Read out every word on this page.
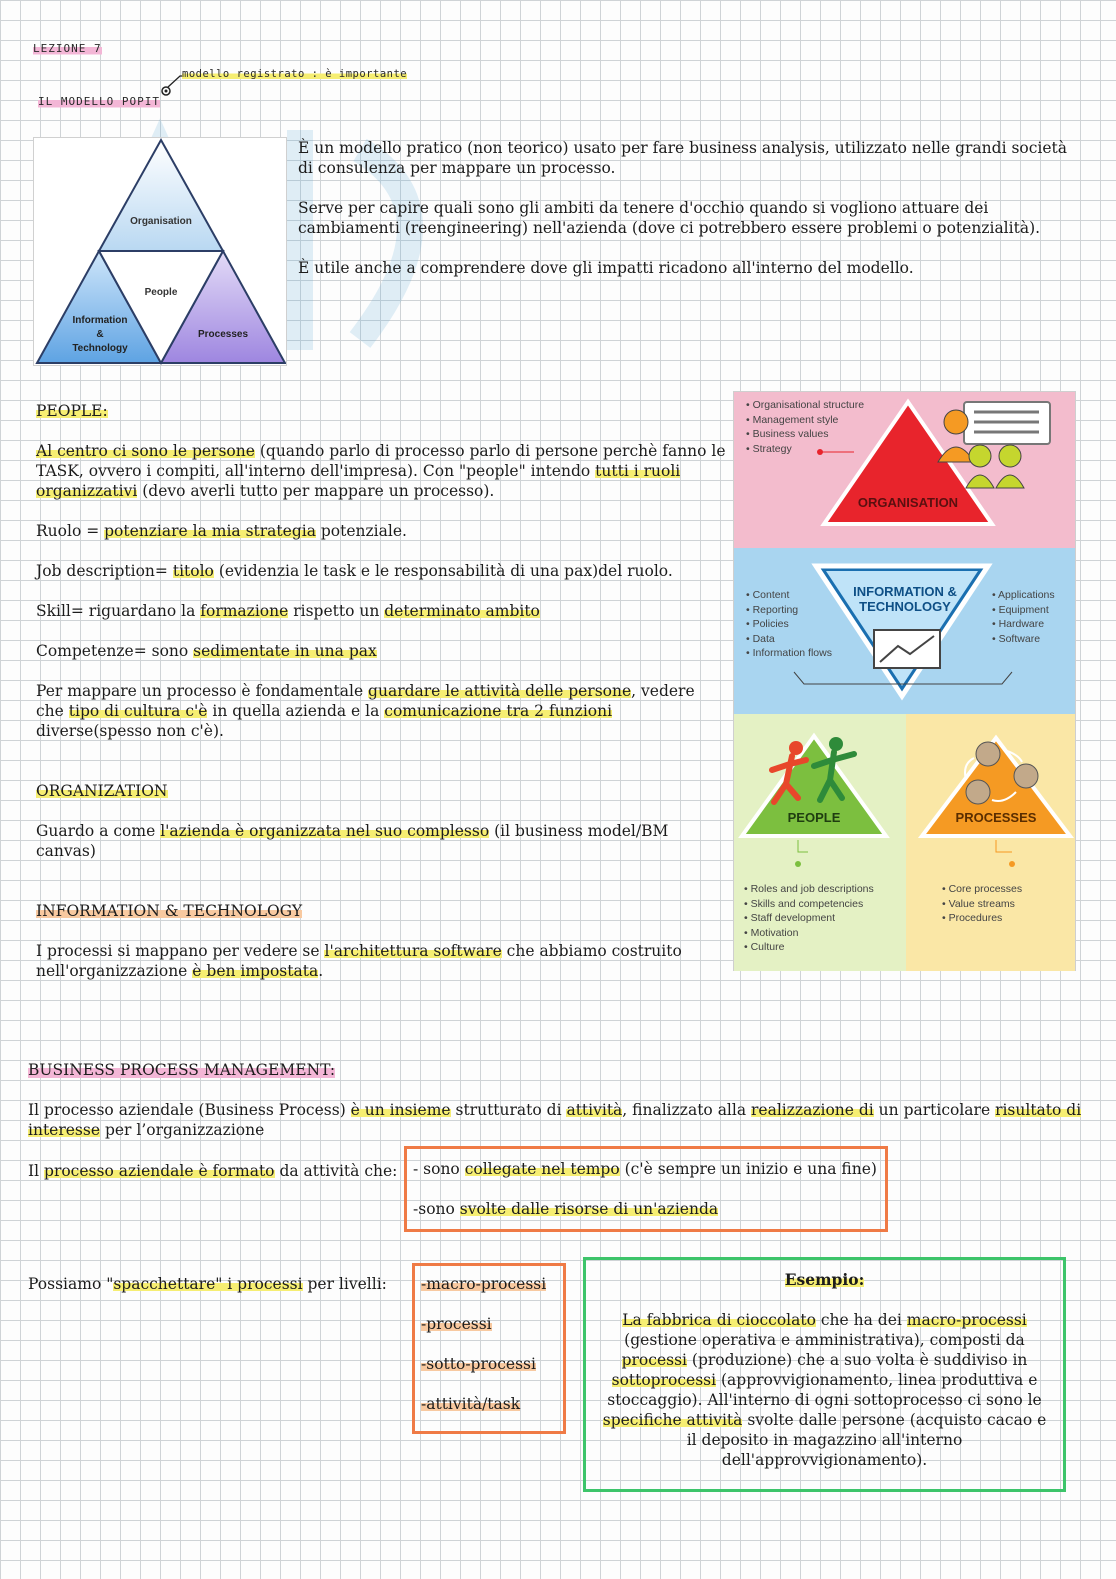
LEZIONE 7
IL MODELLO POPIT
modello registrato : è importante
Organisation
People
Information
&
Technology
Processes

È un modello pratico (non teorico) usato per fare business analysis, utilizzato nelle grandi società di consulenza per mappare un processo.

Serve per capire quali sono gli ambiti da tenere d'occhio quando si vogliono attuare dei cambiamenti (reengineering) nell'azienda (dove ci potrebbero essere problemi o potenzialità).

È utile anche a comprendere dove gli impatti ricadono all'interno del modello.

PEOPLE:

Al centro ci sono le persone (quando parlo di processo parlo di persone perchè fanno le TASK, ovvero i compiti, all'interno dell'impresa). Con "people" intendo tutti i ruoli organizzativi (devo averli tutto per mappare un processo).

Ruolo = potenziare la mia strategia potenziale.

Job description= titolo (evidenzia le task e le responsabilità di una pax)del ruolo.

Skill= riguardano la formazione rispetto un determinato ambito

Competenze= sono sedimentate in una pax

Per mappare un processo è fondamentale guardare le attività delle persone, vedere che tipo di cultura c'è in quella azienda e la comunicazione tra 2 funzioni diverse(spesso non c'è).

ORGANIZATION

Guardo a come l'azienda è organizzata nel suo complesso (il business model/BM canvas)

INFORMATION & TECHNOLOGY

I processi si mappano per vedere se l'architettura software che abbiamo costruito nell'organizzazione è ben impostata.

• Organisational structure
• Management style
• Business values
• Strategy
ORGANISATION
INFORMATION &
TECHNOLOGY
• Content
• Reporting
• Policies
• Data
• Information flows
• Applications
• Equipment
• Hardware
• Software
PEOPLE
• Roles and job descriptions
• Skills and competencies
• Staff development
• Motivation
• Culture
PROCESSES
• Core processes
• Value streams
• Procedures

BUSINESS PROCESS MANAGEMENT:

Il processo aziendale (Business Process) è un insieme strutturato di attività, finalizzato alla realizzazione di un particolare risultato di interesse per l’organizzazione

Il processo aziendale è formato da attività che: - sono collegate nel tempo (c'è sempre un inizio e una fine)

-sono svolte dalle risorse di un'azienda

Possiamo "spacchettare" i processi per livelli: -macro-processi

-processi

-sotto-processi

-attività/task

Esempio:

La fabbrica di cioccolato che ha dei macro-processi (gestione operativa e amministrativa), composti da processi (produzione) che a suo volta è suddiviso in sottoprocessi (approvvigionamento, linea produttiva e stoccaggio). All'interno di ogni sottoprocesso ci sono le specifiche attività svolte dalle persone (acquisto cacao e il deposito in magazzino all'interno dell'approvvigionamento).
